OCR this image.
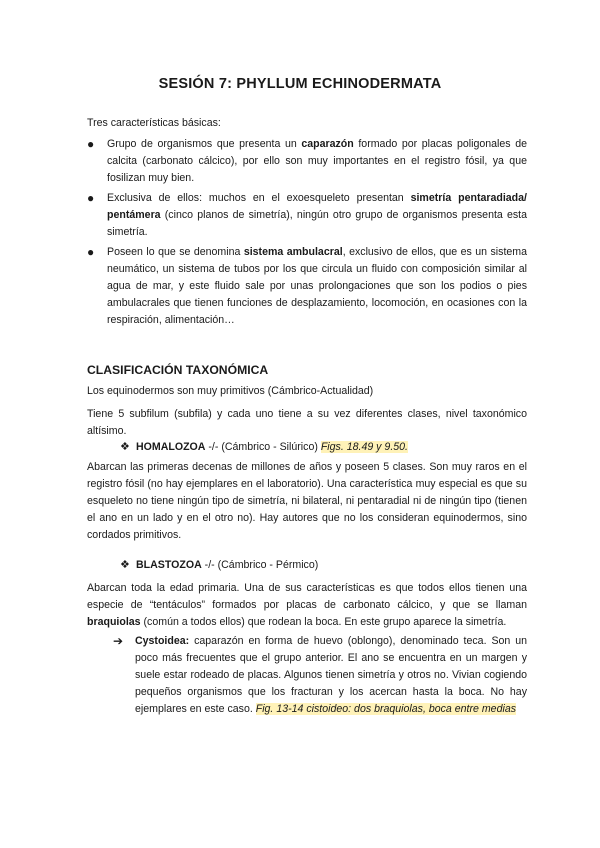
SESIÓN 7: PHYLLUM ECHINODERMATA
Tres características básicas:
●	Grupo de organismos que presenta un caparazón formado por placas poligonales de calcita (carbonato cálcico), por ello son muy importantes en el registro fósil, ya que fosilizan muy bien.
●	Exclusiva de ellos: muchos en el exoesqueleto presentan simetría pentaradiada/ pentámera (cinco planos de simetría), ningún otro grupo de organismos presenta esta simetría.
●	Poseen lo que se denomina sistema ambulacral, exclusivo de ellos, que es un sistema neumático, un sistema de tubos por los que circula un fluido con composición similar al agua de mar, y este fluido sale por unas prolongaciones que son los podios o pies ambulacrales que tienen funciones de desplazamiento, locomoción, en ocasiones con la respiración, alimentación…
CLASIFICACIÓN TAXONÓMICA
Los equinodermos son muy primitivos (Cámbrico-Actualidad)
Tiene 5 subfilum (subfila) y cada uno tiene a su vez diferentes clases, nivel taxonómico altísimo.
❖ HOMALOZOA -/- (Cámbrico - Silúrico) Figs. 18.49 y 9.50.
Abarcan las primeras decenas de millones de años y poseen 5 clases. Son muy raros en el registro fósil (no hay ejemplares en el laboratorio). Una característica muy especial es que su esqueleto no tiene ningún tipo de simetría, ni bilateral, ni pentaradial ni de ningún tipo (tienen el ano en un lado y en el otro no). Hay autores que no los consideran equinodermos, sino cordados primitivos.
❖ BLASTOZOA -/- (Cámbrico - Pérmico)
Abarcan toda la edad primaria. Una de sus características es que todos ellos tienen una especie de “tentáculos” formados por placas de carbonato cálcico, y que se llaman braquiolas (común a todos ellos) que rodean la boca. En este grupo aparece la simetría.
➔	Cystoidea: caparazón en forma de huevo (oblongo), denominado teca. Son un poco más frecuentes que el grupo anterior. El ano se encuentra en un margen y suele estar rodeado de placas. Algunos tienen simetría y otros no. Vivian cogiendo pequeños organismos que los fracturan y los acercan hasta la boca. No hay ejemplares en este caso. Fig. 13-14 cistoideo: dos braquiolas, boca entre medias
